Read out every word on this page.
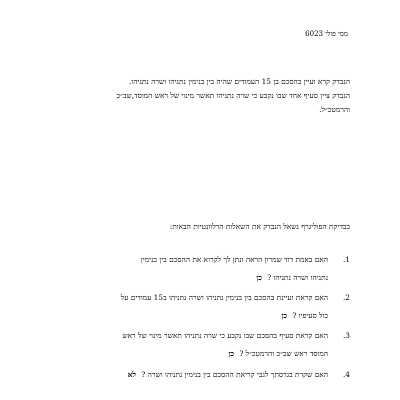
מסי פולי 6023
הנבדק קרא ועיין בהסכם בן 15 העמודים שהיה בין בנימין נתניהו ושרה נתניהו.
הנבדק ציין סעיף אחד שבו נקבע כי שרה נתניהו תאשר מינוי של ראש המוסד,שב״כ
והרמטכ״ל.
בבדיקת הפוליגרף נשאל הנבדק את השאלות הרלוונטיות הבאות:
1.
האם באמת דוד שמרון הראה ונתן לך לקרוא את ההסכם בין בנימין
נתניהו ושרה נתניהו ? כן
2.
האם קראת ועיינת בהסכם בין בנימין נתניהו ושרה נתניהו ב15 עמודים על
כול סעיפיו ? כן
3.
האם קראת סעיף בהסכם שבו נקבע כי שרה נתניהו תאשר מינוי של ראש
המוסד ראש שב״כ והרמטכ״ל ? כן
4.
האם שקרת בגרסתך לגבי קריאת ההסכם בין בנימין נתניהו ושרה ? לא
